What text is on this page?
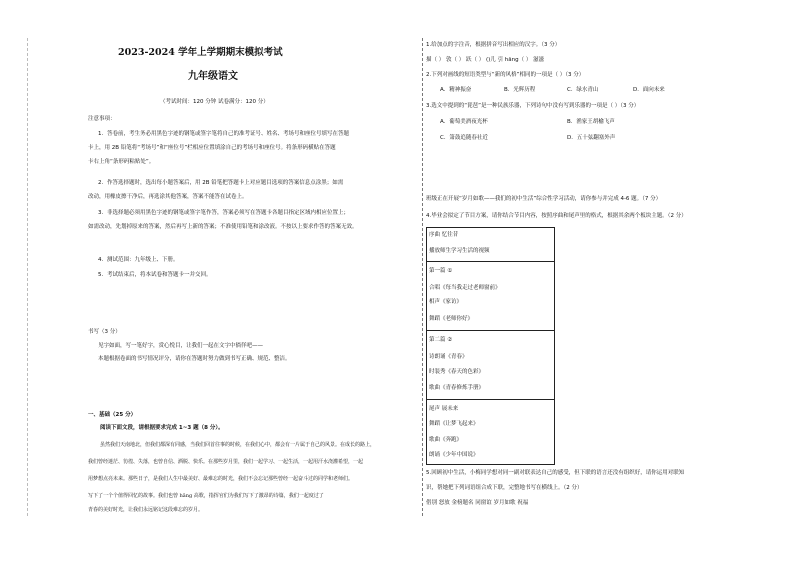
2023-2024 学年上学期期末模拟考试
九年级语文
（考试时间：120 分钟 试卷满分：120 分）
注意事项：
1．答卷前，考生务必用黑色字迹的钢笔或签字笔将自己的准考证号、姓名、考场号和座位号填写在答题
卡上，用 2B 铅笔将“考场号”和“座位号”栏相应位置填涂自己的考场号和座位号。将条形码横贴在答题
卡右上角“条形码粘贴处”。
2．作答选择题时，选出每小题答案后，用 2B 铅笔把答题卡上对应题目选项的答案信息点涂黑；如需
改动，用橡皮擦干净后，再选涂其他答案，答案不能答在试卷上。
3．非选择题必须用黑色字迹的钢笔或签字笔作答，答案必须写在答题卡各题目指定区域内相应位置上；
如需改动，先划掉原来的答案，然后再写上新的答案；不准使用铅笔和涂改液。不按以上要求作答的答案无效。
4．测试范围：九年级上、下册。
5．考试结束后，将本试卷和答题卡一并交回。
书写（3 分）
见字如面，写一笔好字，赏心悦目，让我们一起在文字中徜徉吧——
本题根据卷面的书写情况评分，请你在答题时努力做到书写正确、规范、整洁。
一、基础（25 分）
阅读下面文段，请根据要求完成 1~3 题（8 分）。
虽然我们天南地北，但我们都深有同感，当我们回首往事的时候，在我们心中，都会有一片属于自己的风景。在成长的路上，
我们曾经迷茫、彷徨、失落，也曾自信、洒脱、快乐。在那些岁月里，我们一起学习、一起生活，一起用汗水浇灌希望，一起
用梦想点亮未来。那些日子，是我们人生中最美好、最难忘的时光，我们不会忘记那些曾经一起奋斗过的同学和老师们。
写下了一个个值得回忆的故事。我们也曾 hāng 高歌，指挥官们为我们写下了激昂的诗篇，我们一起度过了
青春的美好时光，让我们永远铭记这段难忘的岁月。
1.给加点的字注音，根据拼音写出相应的汉字。（3 分）
描（ ） 敦（ ） 跃（ ） ()儿 引 hāng（ ） 滋滋
2.下列对画线的短语类型与“新的风格”相同的一项是（ ）（3 分）
A．精神振奋	B．光辉历程	C．绿水青山	D．面向未来
3.选文中提到的“琵琶”是一种民族乐器，下列诗句中没有写到乐器的一项是（ ）（3 分）
A．葡萄美酒夜光杯	B．渔家王胡榆飞声
C．箫鼓追随春社近	D．五十弦翻塞外声
班级正在开展“岁月如歌——我们的初中生活”综合性学习活动，请你参与并完成 4-6 题。（7 分）
4.毕业会拟定了节目方案，请你结合节目内容，按照序曲和尾声里的格式，根据其余两个板块主题。（2 分）
序曲 忆往昔
播放师生学习生活的视频
第一篇 ①
合唱《每当我走过老师窗前》
相声《家访》
舞蹈《老师你好》
第二篇 ②
诗朗诵《青春》
时装秀《春天的色彩》
歌曲《青春修炼手册》
尾声 展未来
舞蹈《让梦飞起来》
歌曲《奔跑》
朗诵《少年中国说》
5.回顾初中生活，小梅同学想对同一副对联表达自己的感受，但下联的语言还没有组织好，请你运用对联知
识，帮她把下列词语组合成下联，完整地书写在横线上。（2 分）
借别 怒放 金榜题名 同窗谊 岁月如歌 祝福
